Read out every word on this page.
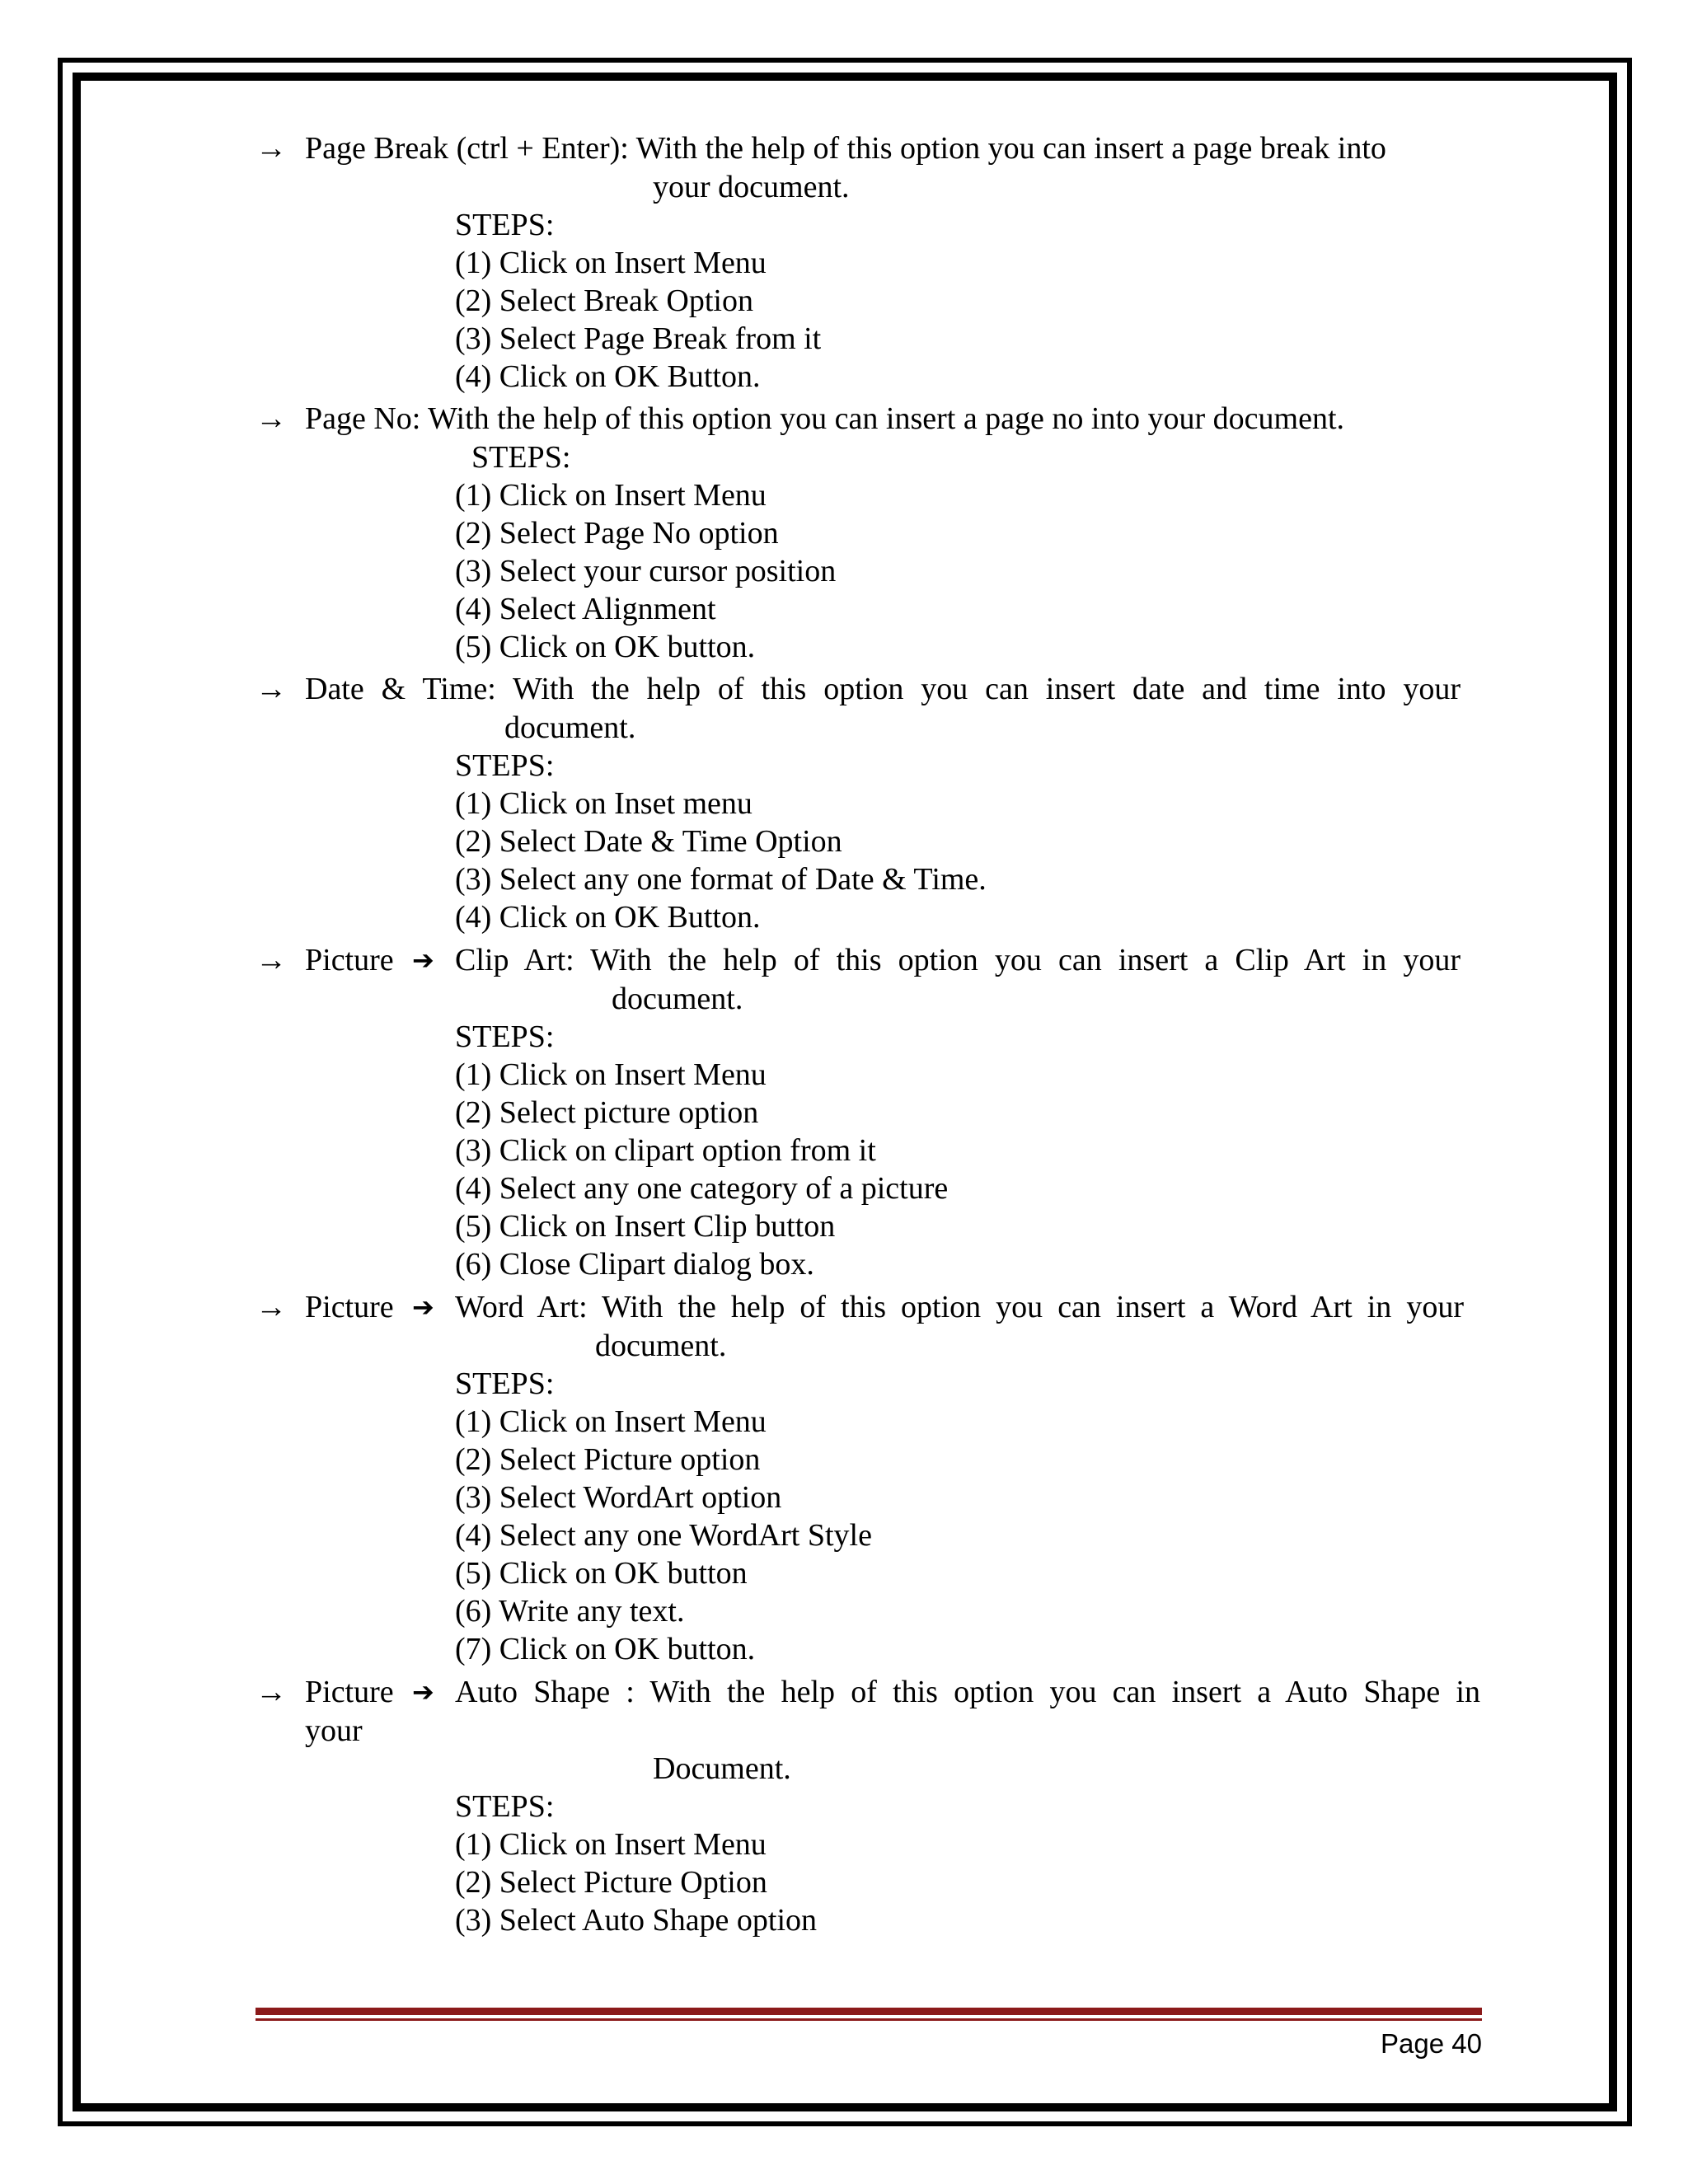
→ Page Break (ctrl + Enter): With the help of this option you can insert a page break into
your document.
STEPS:
(1) Click on Insert Menu
(2) Select Break Option
(3) Select Page Break from it
(4) Click on OK Button.
→ Page No: With the help of this option you can insert a page no into your document.
STEPS:
(1) Click on Insert Menu
(2) Select Page No option
(3) Select your cursor position
(4) Select Alignment
(5) Click on OK button.
→ Date & Time: With the help of this option you can insert date and time into your
document.
STEPS:
(1) Click on Inset menu
(2) Select Date & Time Option
(3) Select any one format of Date & Time.
(4) Click on OK Button.
→ Picture ➔ Clip Art: With the help of this option you can insert a Clip Art in your
document.
STEPS:
(1) Click on Insert Menu
(2) Select picture option
(3) Click on clipart option from it
(4) Select any one category of a picture
(5) Click on Insert Clip button
(6) Close Clipart dialog box.
→ Picture ➔ Word Art: With the help of this option you can insert a Word Art in your
document.
STEPS:
(1) Click on Insert Menu
(2) Select Picture option
(3) Select WordArt option
(4) Select any one WordArt Style
(5) Click on OK button
(6) Write any text.
(7) Click on OK button.
→ Picture ➔ Auto Shape : With the help of this option you can insert a Auto Shape in
your
Document.
STEPS:
(1) Click on Insert Menu
(2) Select Picture Option
(3) Select Auto Shape option
Page 40
